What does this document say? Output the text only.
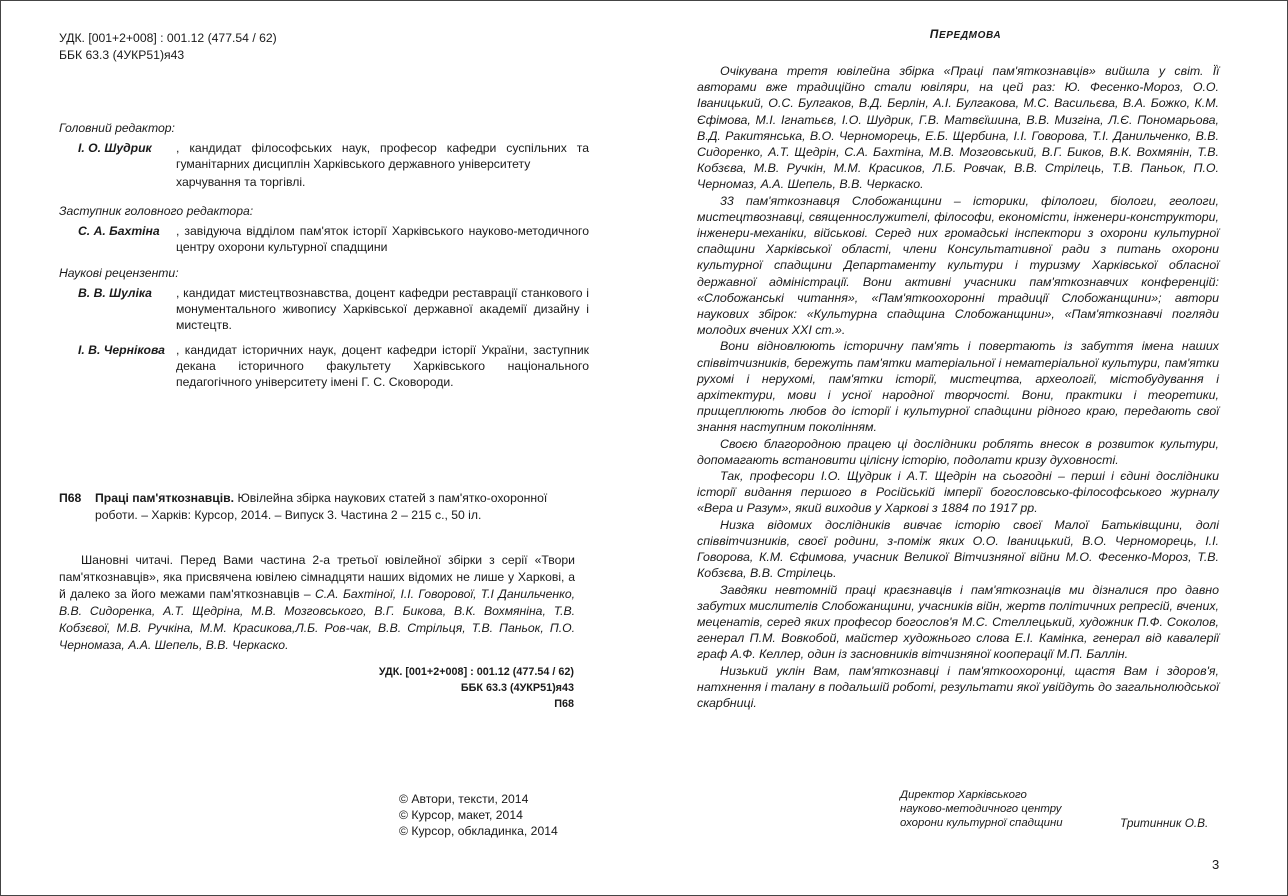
УДК. [001+2+008] : 001.12 (477.54 / 62)
ББК 63.3 (4УКР51)я43
Головний редактор:
І. О. Шудрик	, кандидат філософських наук, професор кафедри суспільних та гуманітарних дисциплін Харківського державного університету
харчування та торгівлі.
Заступник головного редактора:
С. А. Бахтіна	, завідуюча відділом пам'яток історії Харківського науково-методичного центру охорони культурної спадщини
Наукові рецензенти:
В. В. Шуліка	, кандидат мистецтвознавства, доцент кафедри реставрації станкового і монументального живопису Харківської державної академії дизайну і мистецтв.
І. В. Чернікова , кандидат історичних наук, доцент кафедри історії України, заступник декана історичного факультету Харківського національного педагогічного університету імені Г. С. Сковороди.
П68	Праці пам'яткознавців. Ювілейна збірка наукових статей з пам'ятко-охоронної роботи. – Харків: Курсор, 2014. – Випуск 3. Частина 2 – 215 с., 50 іл.
Шановні читачі. Перед Вами частина 2-а третьої ювілейної збірки з серії «Твори пам'яткознавців», яка присвячена ювілею сімнадцяти наших відомих не лише у Харкові, а й далеко за його межами пам'яткознавців – С.А. Бахтіної, І.І. Говорової, Т.І Данильченко, В.В. Сидоренка, А.Т. Щедріна, М.В. Мозговського, В.Г. Бикова, В.К. Вохмяніна, Т.В. Кобзєвої, М.В. Ручкіна, М.М. Красикова,Л.Б. Ров-чак, В.В. Стрільця, Т.В. Паньок, П.О. Черномаза, А.А. Шепель, В.В. Черкаско.
УДК. [001+2+008] : 001.12 (477.54 / 62)
ББК 63.3 (4УКР51)я43
П68
© Автори, тексти, 2014
© Курсор, макет, 2014
© Курсор, обкладинка, 2014
ПЕРЕДМОВА

Очікувана третя ювілейна збірка «Праці пам'яткознавців» вийшла у світ. Її авторами вже традиційно стали ювіляри, на цей раз: Ю. Фесенко-Мороз, О.О. Іваницький, О.С. Булгаков, В.Д. Берлін, А.І. Булгакова, М.С. Васильєва, В.А. Божко, К.М. Єфімова, М.І. Ігнатьєв, І.О. Шудрик, Г.В. Матвєїшина, В.В. Мизгіна, Л.Є. Пономарьова, В.Д. Ракитянська, В.О. Черноморець, Е.Б. Щербина, І.І. Говорова, Т.І. Данильченко, В.В. Сидоренко, А.Т. Щедрін, С.А. Бахтіна, М.В. Мозговський, В.Г. Биков, В.К. Вохмянін, Т.В. Кобзєва, М.В. Ручкін, М.М. Красиков, Л.Б. Ровчак, В.В. Стрілець, Т.В. Паньок, П.О. Черномаз, А.А. Шепель, В.В. Черкаско.

33 пам'яткознавця Слобожанщини – історики, філологи, біологи, геологи, мистецтвознавці, священнослужителі, філософи, економісти, інженери-конструктори, інженери-механіки, військові. Серед них громадські інспектори з охорони культурної спадщини Харківської області, члени Консультативної ради з питань охорони культурної спадщини Департаменту культури і туризму Харківської обласної державної адміністрації. Вони активні учасники пам'яткознавчих конференцій: «Слобожанські читання», «Пам'яткоохоронні традиції Слобожанщини»; автори наукових збірок: «Культурна спадщина Слобожанщини», «Пам'яткознавчі погляди молодих вчених XXI ст.».

Вони відновлюють історичну пам'ять і повертають із забуття імена наших співвітчизників, бережуть пам'ятки матеріальної і нематеріальної культури, пам'ятки рухомі і нерухомі, пам'ятки історії, мистецтва, археології, містобудування і архітектури, мови і усної народної творчості. Вони, практики і теоретики, прищеплюють любов до історії і культурної спадщини рідного краю, передають свої знання наступним поколінням.

Своєю благородною працею ці дослідники роблять внесок в розвиток культури, допомагають встановити цілісну історію, подолати кризу духовності.

Так, професори І.О. Щудрик і А.Т. Щедрін на сьогодні – перші і єдині дослідники історії видання першого в Російській імперії богословсько-філософського журналу «Вера и Разум», який виходив у Харкові з 1884 по 1917 рр.

Низка відомих дослідників вивчає історію своєї Малої Батьківщини, долі співвітчизників, своєї родини, з-поміж яких О.О. Іваницький, В.О. Черноморець, І.І. Говорова, К.М. Єфимова, учасник Великої Вітчизняної війни М.О. Фесенко-Мороз, Т.В. Кобзєва, В.В. Стрілець.

Завдяки невтомній праці краєзнавців і пам'яткознаців ми дізналися про давно забутих мислителів Слобожанщини, учасників війн, жертв політичних репресій, вчених, меценатів, серед яких професор богослов'я М.С. Стеллецький, художник П.Ф. Соколов, генерал П.М. Вовкобой, майстер художнього слова Е.І. Камінка, генерал від кавалерії граф А.Ф. Келлер, один із засновників вітчизняної кооперації М.П. Баллін.

Низький уклін Вам, пам'яткознавці і пам'яткоохоронці, щастя Вам і здоров'я, натхнення і талану в подальшій роботі, результати якої увійдуть до загальнолюдської скарбниці.

Директор Харківського
науково-методичного центру
охорони культурної спадщини	Тритинник О.В.
3
